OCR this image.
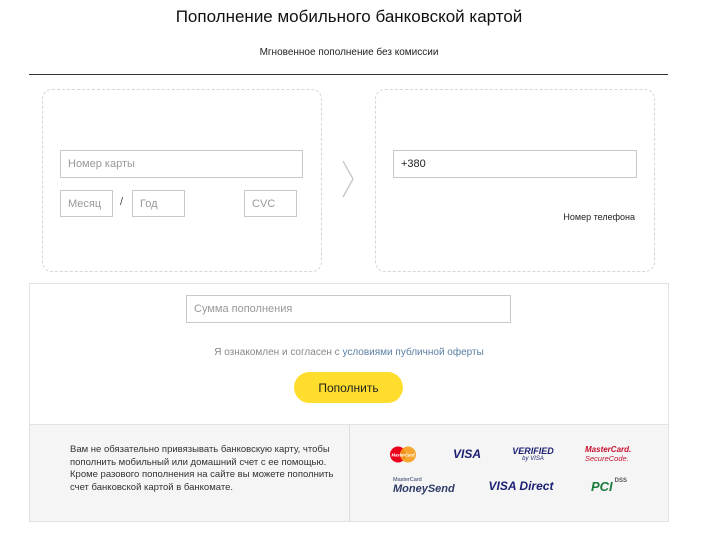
Пополнение мобильного банковской картой
Мгновенное пополнение без комиссии
Номер карты
Месяц / Год	CVC
+380
Номер телефона
Сумма пополнения
Я ознакомлен и согласен с условиями публичной оферты
Пополнить
Вам не обязательно привязывать банковскую карту, чтобы пополнить мобильный или домашний счет с ее помощью. Кроме разового пополнения на сайте вы можете пополнить счет банковской картой в банкомате.
MasterCard	VISA	VERIFIED
by VISA
MasterCard.
SecureCode.
MasterCard
MoneySend	VISA Direct	PCI DSS
